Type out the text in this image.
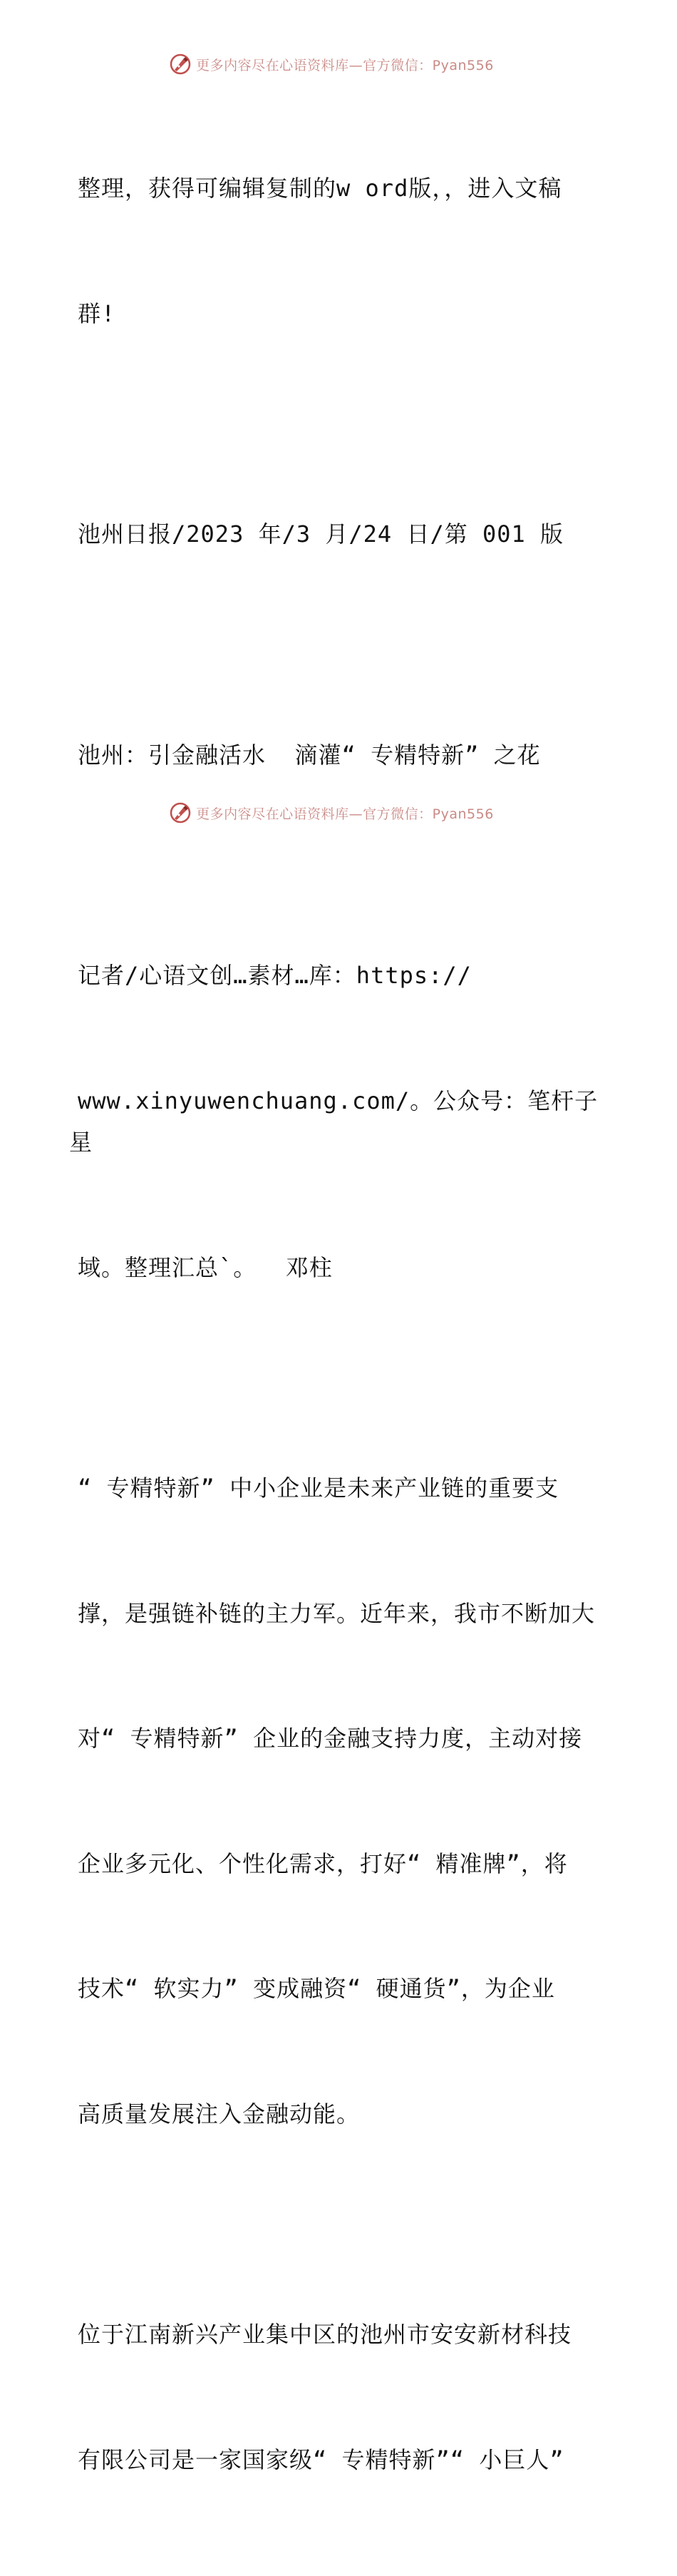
更多内容尽在心语资料库—官方微信：Pyan556

整理，获得可编辑复制的w ord版，，进入文稿

群!

池州日报/2023 年/3 月/24 日/第 001 版

池州：引金融活水  滴灌“ 专精特新” 之花

记者/心语文创…素材…库：https://

www.xinyuwenchuang.com/。公众号：笔杆子星

域。整理汇总`。  邓柱

“ 专精特新” 中小企业是未来产业链的重要支

撑，是强链补链的主力军。近年来，我市不断加大

对“ 专精特新” 企业的金融支持力度，主动对接

企业多元化、个性化需求，打好“ 精准牌”，将

技术“ 软实力” 变成融资“ 硬通货”，为企业

高质量发展注入金融动能。

位于江南新兴产业集中区的池州市安安新材科技

有限公司是一家国家级“ 专精特新”“ 小巨人”

更多内容尽在心语资料库—官方微信：Pyan556
